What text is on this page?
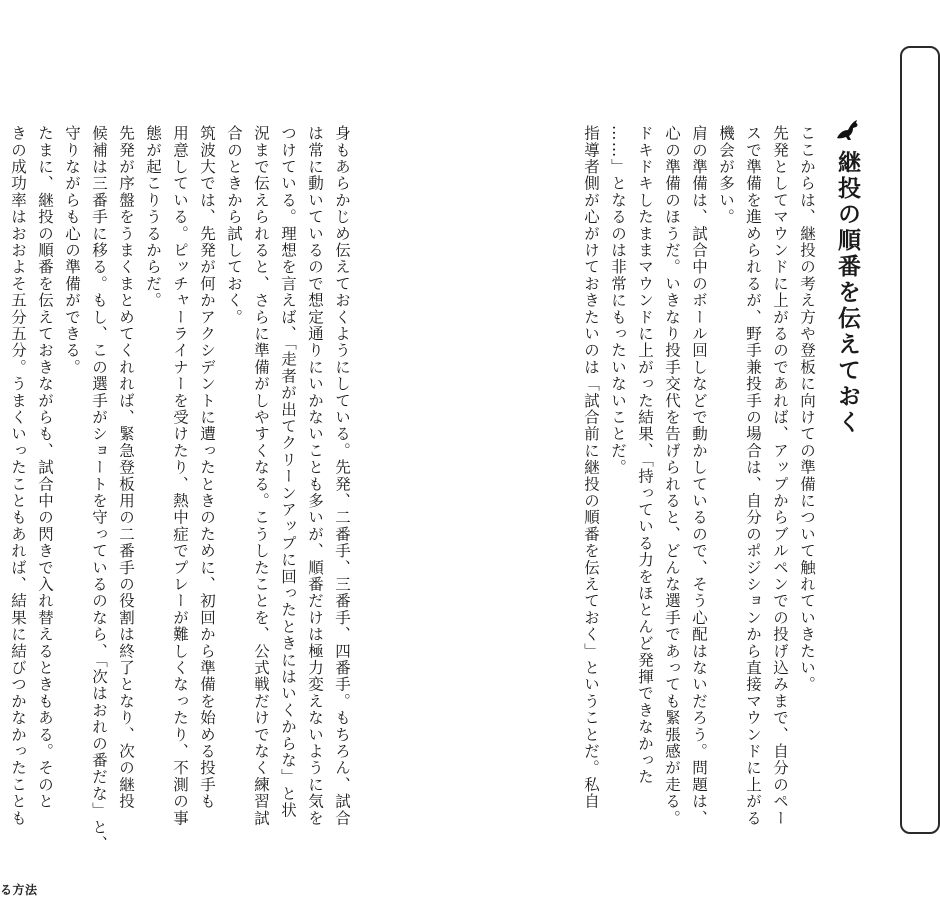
継投の順番を伝えておく
ここからは、継投の考え方や登板に向けての準備について触れていきたい。
先発としてマウンドに上がるのであれば、アップからブルペンでの投げ込みまで、自分のペー
スで準備を進められるが、野手兼投手の場合は、自分のポジションから直接マウンドに上がる
機会が多い。
肩の準備は、試合中のボール回しなどで動かしているので、そう心配はないだろう。問題は、
心の準備のほうだ。いきなり投手交代を告げられると、どんな選手であっても緊張感が走る。
ドキドキしたままマウンドに上がった結果、「持っている力をほとんど発揮できなかった
……」となるのは非常にもったいないことだ。
指導者側が心がけておきたいのは「試合前に継投の順番を伝えておく」ということだ。私自
身もあらかじめ伝えておくようにしている。先発、二番手、三番手、四番手。もちろん、試合
は常に動いているので想定通りにいかないことも多いが、順番だけは極力変えないように気を
つけている。理想を言えば、「走者が出てクリーンアップに回ったときにはいくからな」と状
況まで伝えられると、さらに準備がしやすくなる。こうしたことを、公式戦だけでなく練習試
合のときから試しておく。
筑波大では、先発が何かアクシデントに遭ったときのために、初回から準備を始める投手も
用意している。ピッチャーライナーを受けたり、熱中症でプレーが難しくなったり、不測の事
態が起こりうるからだ。
先発が序盤をうまくまとめてくれれば、緊急登板用の二番手の役割は終了となり、次の継投
候補は三番手に移る。もし、この選手がショートを守っているのなら、「次はおれの番だな」と、
守りながらも心の準備ができる。
たまに、継投の順番を伝えておきながらも、試合中の閃きで入れ替えるときもある。そのと
きの成功率はおおよそ五分五分。うまくいったこともあれば、結果に結びつかなかったことも
る方法
